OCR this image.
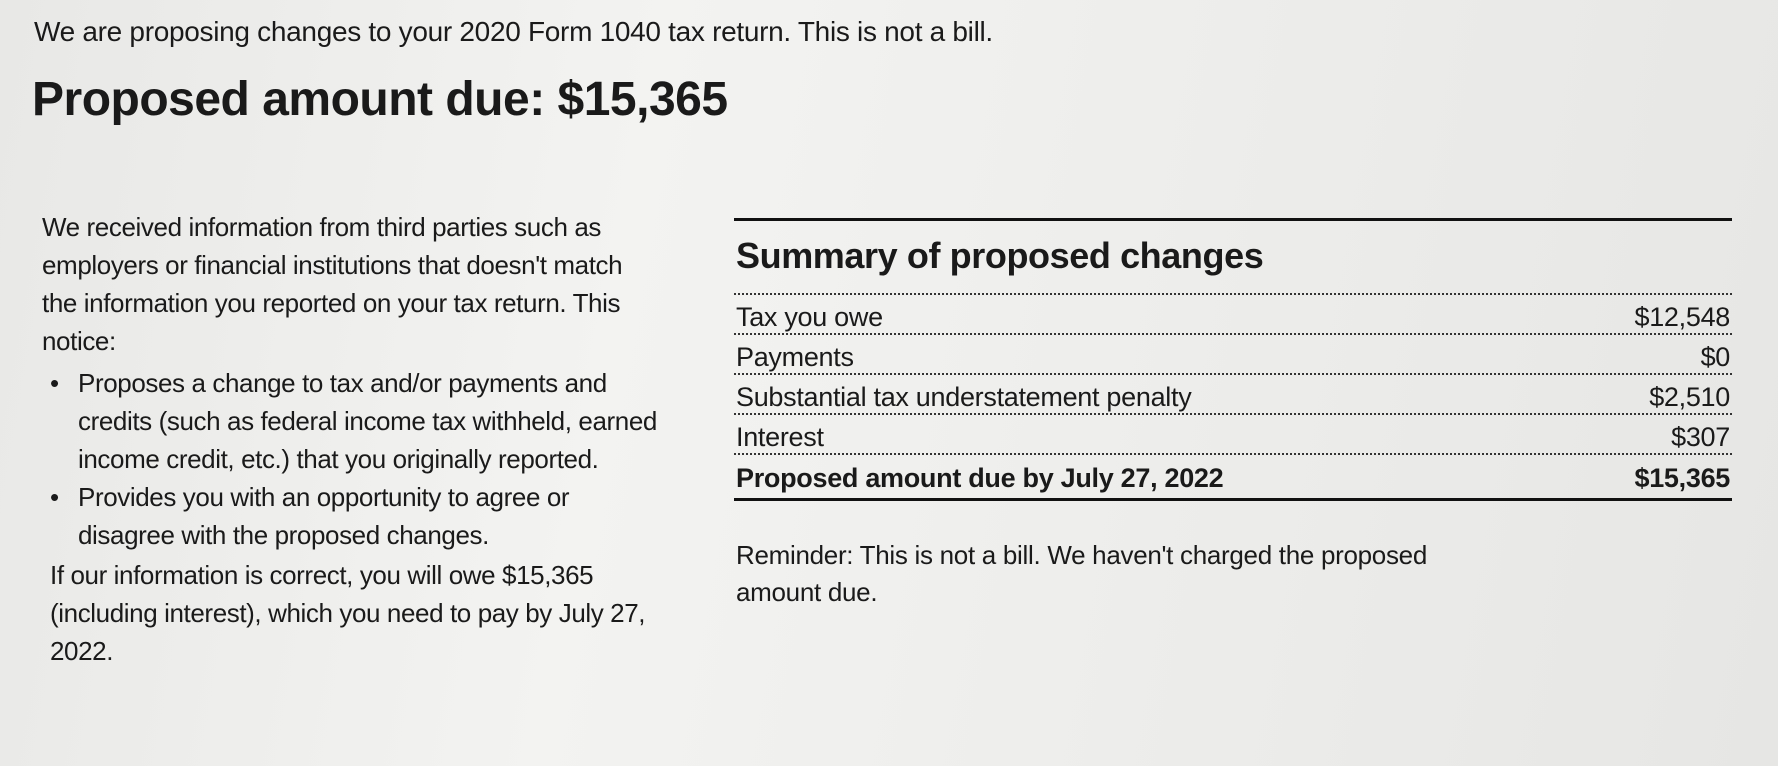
We are proposing changes to your 2020 Form 1040 tax return. This is not a bill.
Proposed amount due: $15,365

We received information from third parties such as employers or financial institutions that doesn't match the information you reported on your tax return. This notice:

• Proposes a change to tax and/or payments and credits (such as federal income tax withheld, earned income credit, etc.) that you originally reported.
• Provides you with an opportunity to agree or disagree with the proposed changes.

If our information is correct, you will owe $15,365 (including interest), which you need to pay by July 27, 2022.

Summary of proposed changes
Tax you owe	$12,548
Payments	$0
Substantial tax understatement penalty	$2,510
Interest	$307
Proposed amount due by July 27, 2022	$15,365
Reminder: This is not a bill. We haven't charged the proposed amount due.
